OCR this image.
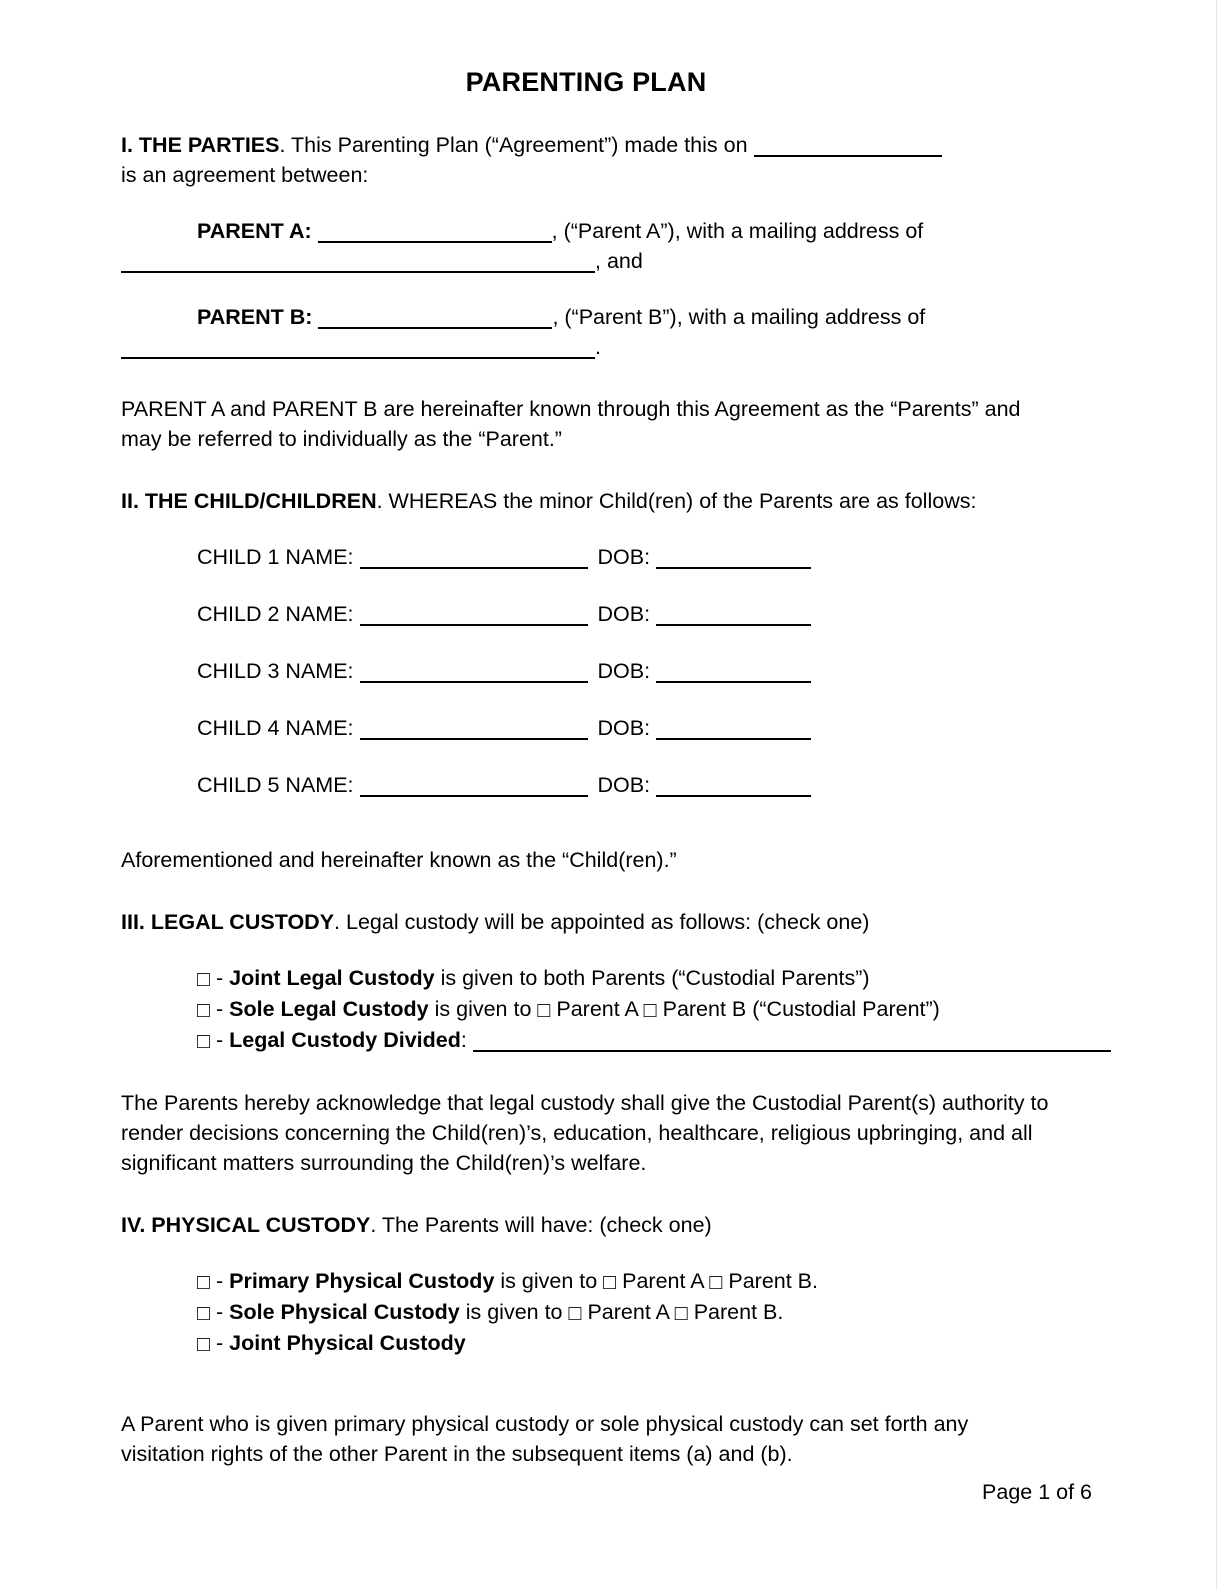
PARENTING PLAN

I. THE PARTIES. This Parenting Plan (“Agreement”) made this on
is an agreement between:

PARENT A:	, (“Parent A”), with a mailing address of

, and

PARENT B:	, (“Parent B”), with a mailing address of

.

PARENT A and PARENT B are hereinafter known through this Agreement as the “Parents” and may be referred to individually as the “Parent.”

II. THE CHILD/CHILDREN. WHEREAS the minor Child(ren) of the Parents are as follows:

CHILD 1 NAME:	DOB:
CHILD 2 NAME:	DOB:
CHILD 3 NAME:	DOB:
CHILD 4 NAME:	DOB:
CHILD 5 NAME:	DOB:

Aforementioned and hereinafter known as the “Child(ren).”

III. LEGAL CUSTODY. Legal custody will be appointed as follows: (check one)

□ - Joint Legal Custody is given to both Parents (“Custodial Parents”)
□ - Sole Legal Custody is given to □ Parent A □ Parent B (“Custodial Parent”)
□ - Legal Custody Divided:

The Parents hereby acknowledge that legal custody shall give the Custodial Parent(s) authority to render decisions concerning the Child(ren)’s, education, healthcare, religious upbringing, and all significant matters surrounding the Child(ren)’s welfare.

IV. PHYSICAL CUSTODY. The Parents will have: (check one)

□ - Primary Physical Custody is given to □ Parent A □ Parent B.
□ - Sole Physical Custody is given to □ Parent A □ Parent B.
□ - Joint Physical Custody

A Parent who is given primary physical custody or sole physical custody can set forth any visitation rights of the other Parent in the subsequent items (a) and (b).

Page 1 of 6
